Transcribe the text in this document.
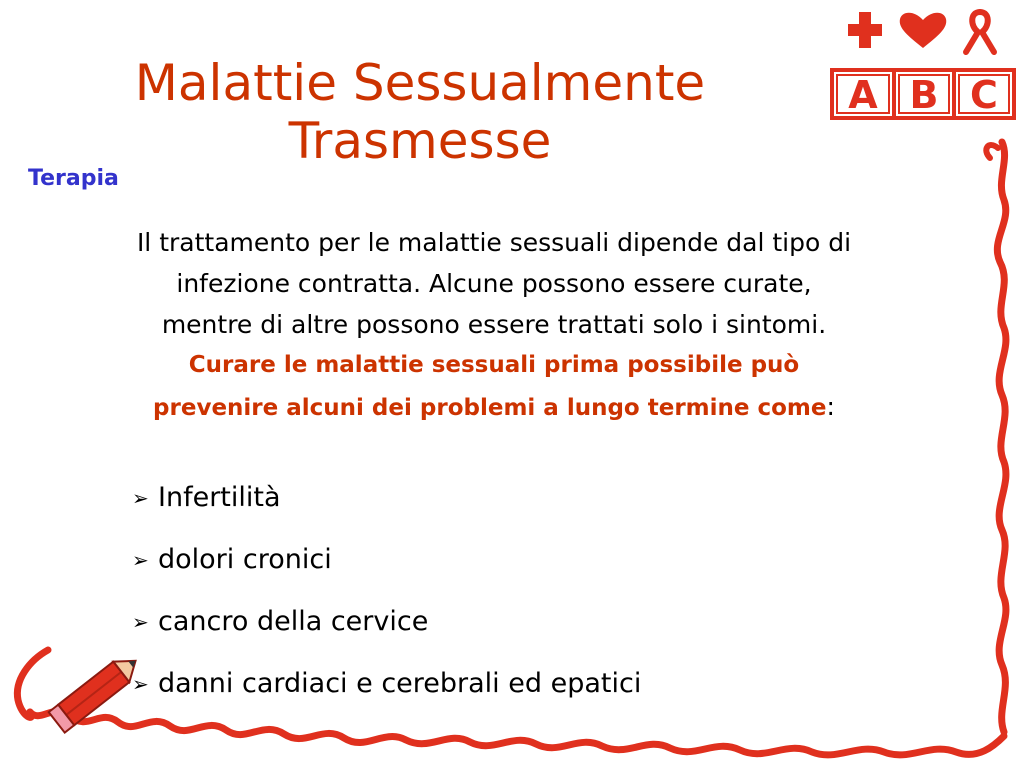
Malattie Sessualmente
Trasmesse
A B C
Terapia
Il trattamento per le malattie sessuali dipende dal tipo di
infezione contratta. Alcune possono essere curate,
mentre di altre possono essere trattati solo i sintomi.
Curare le malattie sessuali prima possibile può
prevenire alcuni dei problemi a lungo termine come:
➢ Infertilità
➢ dolori cronici
➢ cancro della cervice
➢ danni cardiaci e cerebrali ed epatici
